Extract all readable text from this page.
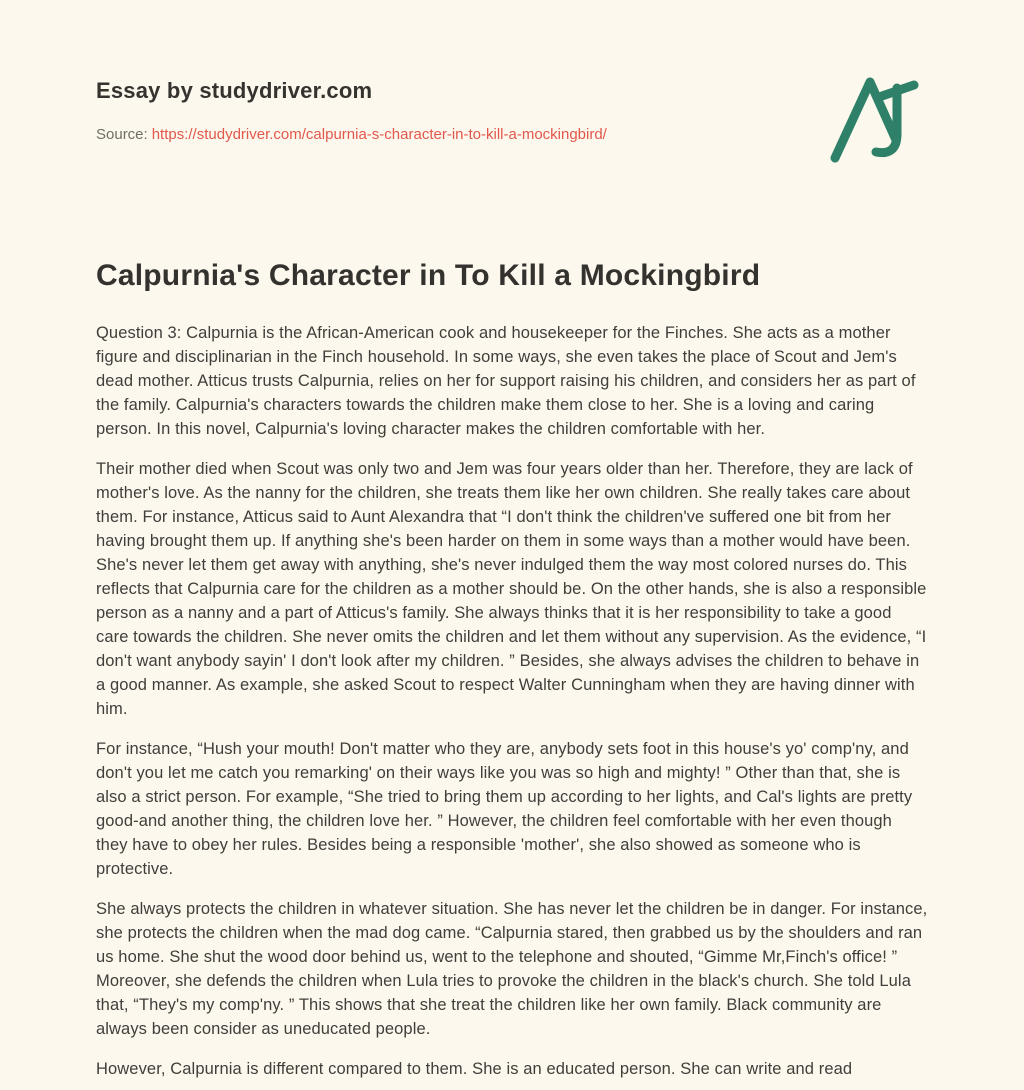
Essay by studydriver.com
Source: https://studydriver.com/calpurnia-s-character-in-to-kill-a-mockingbird/
Calpurnia's Character in To Kill a Mockingbird

Question 3: Calpurnia is the African-American cook and housekeeper for the Finches. She acts as a mother figure and disciplinarian in the Finch household. In some ways, she even takes the place of Scout and Jem's dead mother. Atticus trusts Calpurnia, relies on her for support raising his children, and considers her as part of the family. Calpurnia's characters towards the children make them close to her. She is a loving and caring person. In this novel, Calpurnia's loving character makes the children comfortable with her.

Their mother died when Scout was only two and Jem was four years older than her. Therefore, they are lack of mother's love. As the nanny for the children, she treats them like her own children. She really takes care about them. For instance, Atticus said to Aunt Alexandra that “I don't think the children've suffered one bit from her having brought them up. If anything she's been harder on them in some ways than a mother would have been. She's never let them get away with anything, she's never indulged them the way most colored nurses do. This reflects that Calpurnia care for the children as a mother should be. On the other hands, she is also a responsible person as a nanny and a part of Atticus's family. She always thinks that it is her responsibility to take a good care towards the children. She never omits the children and let them without any supervision. As the evidence, “I don't want anybody sayin' I don't look after my children. ” Besides, she always advises the children to behave in a good manner. As example, she asked Scout to respect Walter Cunningham when they are having dinner with him.

For instance, “Hush your mouth! Don't matter who they are, anybody sets foot in this house's yo' comp'ny, and don't you let me catch you remarking' on their ways like you was so high and mighty! ” Other than that, she is also a strict person. For example, “She tried to bring them up according to her lights, and Cal's lights are pretty good-and another thing, the children love her. ” However, the children feel comfortable with her even though they have to obey her rules. Besides being a responsible 'mother', she also showed as someone who is protective.

She always protects the children in whatever situation. She has never let the children be in danger. For instance, she protects the children when the mad dog came. “Calpurnia stared, then grabbed us by the shoulders and ran us home. She shut the wood door behind us, went to the telephone and shouted, “Gimme Mr,Finch's office! ” Moreover, she defends the children when Lula tries to provoke the children in the black's church. She told Lula that, “They's my comp'ny. ” This shows that she treat the children like her own family. Black community are always been consider as uneducated people.

However, Calpurnia is different compared to them. She is an educated person. She can write and read
